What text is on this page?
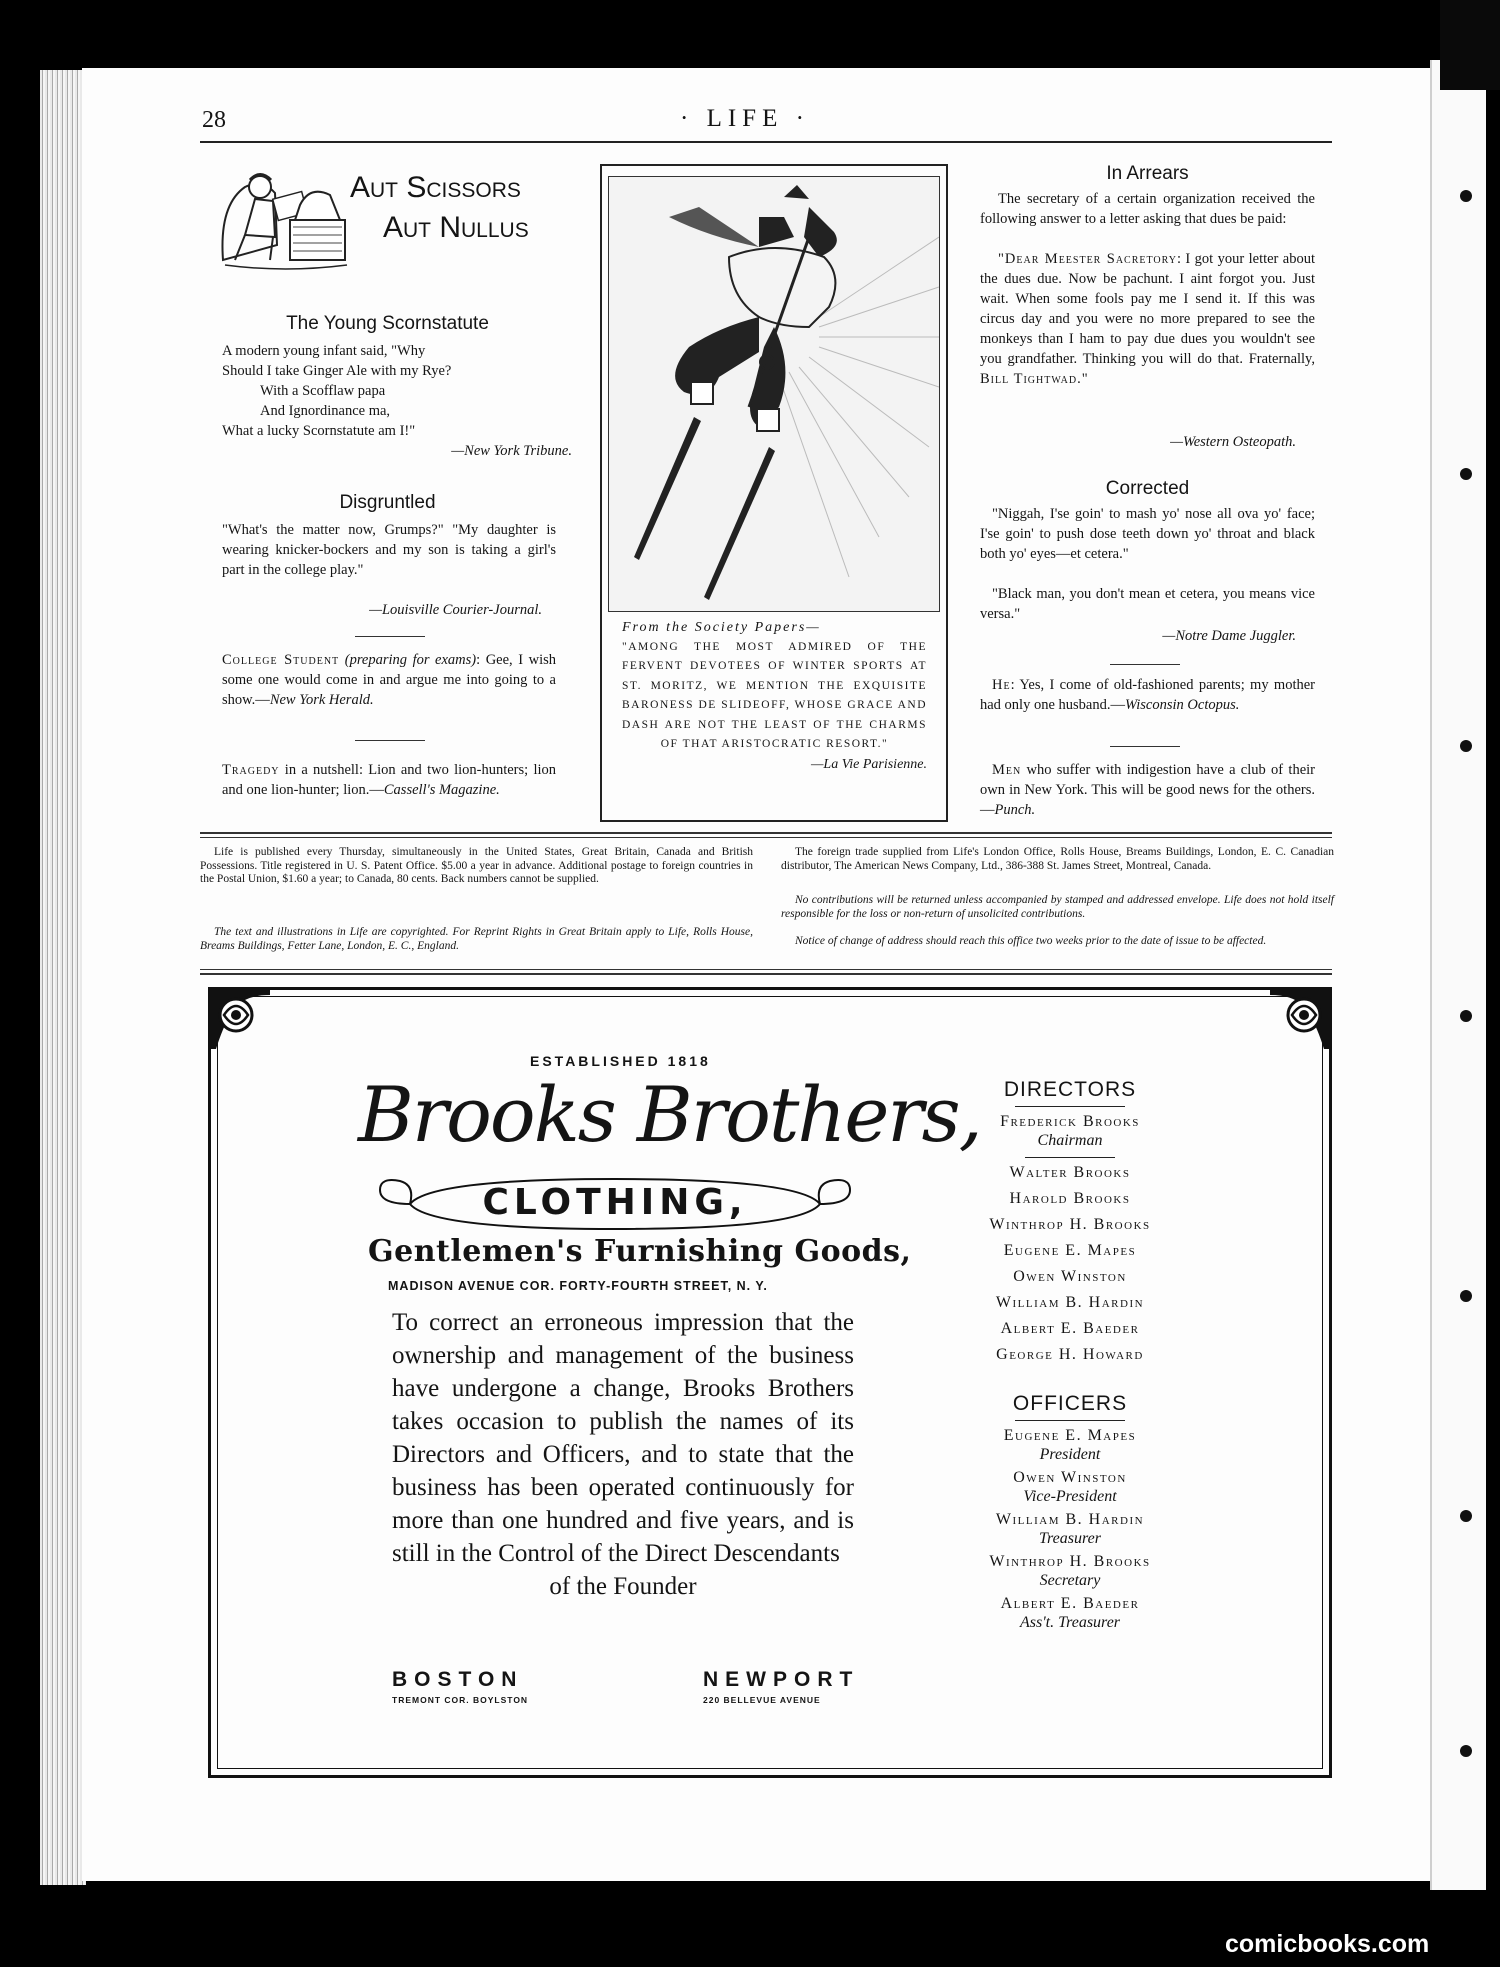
28	· LIFE ·
Aut Scissors
Aut Nullus
The Young Scornstatute
A modern young infant said, "Why
Should I take Ginger Ale with my Rye?
With a Scofflaw papa
And Ignordinance ma,
What a lucky Scornstatute am I!"
—New York Tribune.
Disgruntled
"What's the matter now, Grumps?" "My daughter is wearing knicker-bockers and my son is taking a girl's part in the college play."
—Louisville Courier-Journal.
College Student (preparing for exams): Gee, I wish some one would come in and argue me into going to a show.—New York Herald.
Tragedy in a nutshell: Lion and two lion-hunters; lion and one lion-hunter; lion.—Cassell's Magazine.
From the Society Papers—
"AMONG THE MOST ADMIRED OF THE FERVENT DEVOTEES OF WINTER SPORTS AT ST. MORITZ, WE MENTION THE EXQUISITE BARONESS DE SLIDEOFF, WHOSE GRACE AND DASH ARE NOT THE LEAST OF THE CHARMS OF THAT ARISTOCRATIC RESORT."
—La Vie Parisienne.
In Arrears
The secretary of a certain organization received the following answer to a letter asking that dues be paid:
"Dear Meester Sacretory: I got your letter about the dues due. Now be pachunt. I aint forgot you. Just wait. When some fools pay me I send it. If this was circus day and you were no more prepared to see the monkeys than I ham to pay due dues you wouldn't see you grandfather. Thinking you will do that. Fraternally, Bill Tightwad."
—Western Osteopath.
Corrected
"Niggah, I'se goin' to mash yo' nose all ova yo' face; I'se goin' to push dose teeth down yo' throat and black both yo' eyes—et cetera."
"Black man, you don't mean et cetera, you means vice versa."
—Notre Dame Juggler.
He: Yes, I come of old-fashioned parents; my mother had only one husband.—Wisconsin Octopus.
Men who suffer with indigestion have a club of their own in New York. This will be good news for the others.—Punch.
Life is published every Thursday, simultaneously in the United States, Great Britain, Canada and British Possessions. Title registered in U. S. Patent Office. $5.00 a year in advance. Additional postage to foreign countries in the Postal Union, $1.60 a year; to Canada, 80 cents. Back numbers cannot be supplied.
The text and illustrations in Life are copyrighted. For Reprint Rights in Great Britain apply to Life, Rolls House, Breams Buildings, Fetter Lane, London, E. C., England.
The foreign trade supplied from Life's London Office, Rolls House, Breams Buildings, London, E. C. Canadian distributor, The American News Company, Ltd., 386-388 St. James Street, Montreal, Canada.
No contributions will be returned unless accompanied by stamped and addressed envelope. Life does not hold itself responsible for the loss or non-return of unsolicited contributions.
Notice of change of address should reach this office two weeks prior to the date of issue to be affected.
ESTABLISHED 1818
Brooks Brothers,
CLOTHING,
Gentlemen's Furnishing Goods,
MADISON AVENUE COR. FORTY-FOURTH STREET, N. Y.
To correct an erroneous impression that the ownership and management of the business have undergone a change, Brooks Brothers takes occasion to publish the names of its Directors and Officers, and to state that the business has been operated continuously for more than one hundred and five years, and is still in the Control of the Direct Descendants
of the Founder
BOSTON
TREMONT COR. BOYLSTON
NEWPORT
220 BELLEVUE AVENUE
DIRECTORS
Frederick Brooks
Chairman
Walter Brooks
Harold Brooks
Winthrop H. Brooks
Eugene E. Mapes
Owen Winston
William B. Hardin
Albert E. Baeder
George H. Howard
OFFICERS
Eugene E. Mapes
President
Owen Winston
Vice-President
William B. Hardin
Treasurer
Winthrop H. Brooks
Secretary
Albert E. Baeder
Ass't. Treasurer
comicbooks.com
